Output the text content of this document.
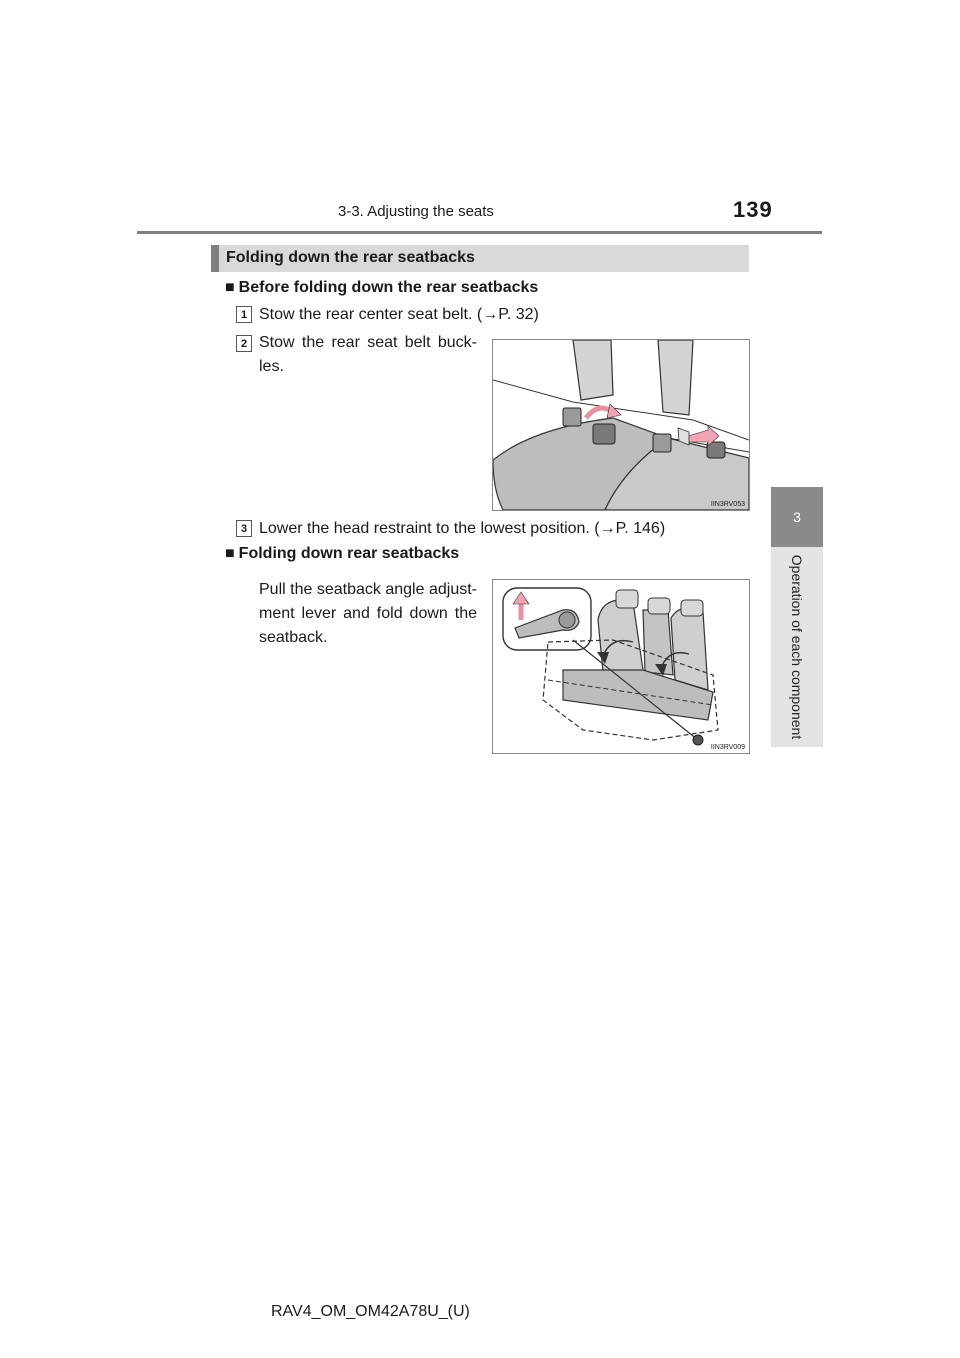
3-3. Adjusting the seats	139
3
Operation of each component
Folding down the rear seatbacks
■ Before folding down the rear seatbacks
1 Stow the rear center seat belt. (→P. 32)
2 Stow the rear seat belt buck-les.
IIN3RV053
3 Lower the head restraint to the lowest position. (→P. 146)
■ Folding down rear seatbacks
Pull the seatback angle adjust-ment lever and fold down the seatback.
IIN3RV009
RAV4_OM_OM42A78U_(U)
